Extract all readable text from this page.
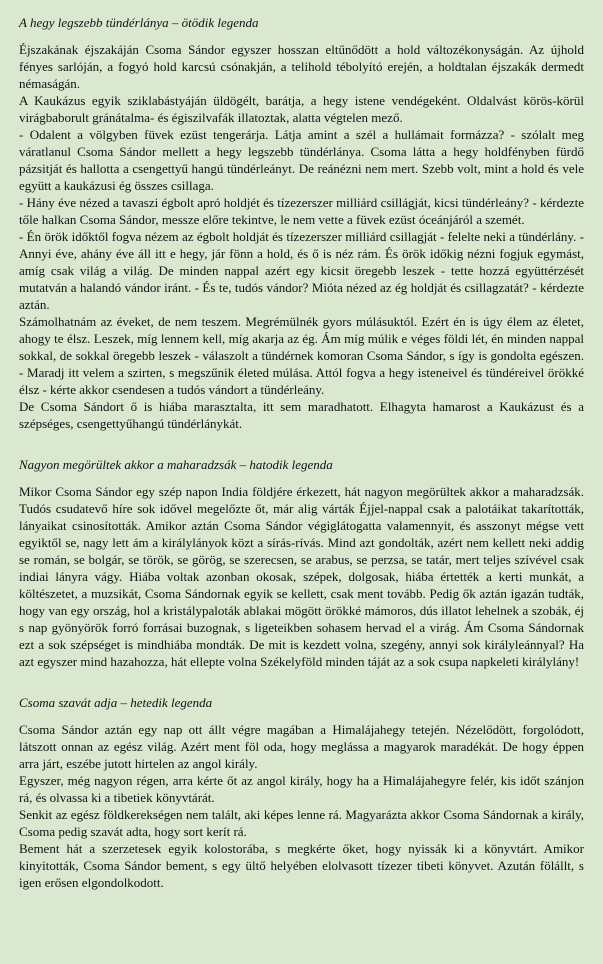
A hegy legszebb tündérlánya – ötödik legenda

Éjszakának éjszakáján Csoma Sándor egyszer hosszan eltűnődött a hold változékonyságán. Az újhold fényes sarlóján, a fogyó hold karcsú csónakján, a telihold tébolyító erején, a holdtalan éjszakák dermedt némaságán.

A Kaukázus egyik sziklabástyáján üldögélt, barátja, a hegy istene vendégeként. Oldalvást körös-körül virágbaborult gránátalma- és égiszilvafák illatoztak, alatta végtelen mező.

- Odalent a völgyben füvek ezüst tengerárja. Látja amint a szél a hullámait formázza? - szólalt meg váratlanul Csoma Sándor mellett a hegy legszebb tündérlánya. Csoma látta a hegy holdfényben fürdő pázsitját és hallotta a csengettyű hangú tündérleányt. De reánézni nem mert. Szebb volt, mint a hold és vele együtt a kaukázusi ég összes csillaga.

- Hány éve nézed a tavaszi égbolt apró holdjét és tízezerszer milliárd csillágját, kicsi tündérleány? - kérdezte tőle halkan Csoma Sándor, messze előre tekintve, le nem vette a füvek ezüst óceánjáról a szemét.

- Én örök időktől fogva nézem az égbolt holdját és tízezerszer milliárd csillagját - felelte neki a tündérlány. - Annyi éve, ahány éve áll itt e hegy, jár fönn a hold, és ő is néz rám. És örök időkig nézni fogjuk egymást, amíg csak világ a világ. De minden nappal azért egy kicsit öregebb leszek - tette hozzá együttérzését mutatván a halandó vándor iránt. - És te, tudós vándor? Mióta nézed az ég holdját és csillagzatát? - kérdezte aztán.

Számolhatnám az éveket, de nem teszem. Megrémülnék gyors múlásuktól. Ezért én is úgy élem az életet, ahogy te élsz. Leszek, míg lennem kell, míg akarja az ég. Ám míg múlik e véges földi lét, én minden nappal sokkal, de sokkal öregebb leszek - válaszolt a tündérnek komoran Csoma Sándor, s így is gondolta egészen. - Maradj itt velem a szirten, s megszűnik életed múlása. Attól fogva a hegy isteneivel és tündéreivel örökké élsz - kérte akkor csendesen a tudós vándort a tündérleány.

De Csoma Sándort ő is hiába marasztalta, itt sem maradhatott. Elhagyta hamarost a Kaukázust és a szépséges, csengettyűhangú tündérlánykát.

Nagyon megörültek akkor a maharadzsák – hatodik legenda

Mikor Csoma Sándor egy szép napon India földjére érkezett, hát nagyon megörültek akkor a maharadzsák. Tudós csudatevő híre sok idővel megelőzte őt, már alig várták Éjjel-nappal csak a palotáikat takarították, lányaikat csinosították. Amikor aztán Csoma Sándor végiglátogatta valamennyit, és asszonyt mégse vett egyiktől se, nagy lett ám a királylányok közt a sírás-rívás. Mind azt gondolták, azért nem kellett neki addig se román, se bolgár, se török, se görög, se szerecsen, se arabus, se perzsa, se tatár, mert teljes szívével csak indiai lányra vágy. Hiába voltak azonban okosak, szépek, dolgosak, hiába értették a kerti munkát, a költészetet, a muzsikát, Csoma Sándornak egyik se kellett, csak ment tovább. Pedig ők aztán igazán tudták, hogy van egy ország, hol a kristálypaloták ablakai mögött örökké mámoros, dús illatot lehelnek a szobák, éj s nap gyönyörök forró forrásai buzognak, s ligeteikben sohasem hervad el a virág. Ám Csoma Sándornak ezt a sok szépséget is mindhiába mondták. De mit is kezdett volna, szegény, annyi sok királyleánnyal? Ha azt egyszer mind hazahozza, hát ellepte volna Székelyföld minden táját az a sok csupa napkeleti királylány!

Csoma szavát adja – hetedik legenda

Csoma Sándor aztán egy nap ott állt végre magában a Himalájahegy tetején. Nézelődött, forgolódott, látszott onnan az egész világ. Azért ment föl oda, hogy meglássa a magyarok maradékát. De hogy éppen arra járt, eszébe jutott hirtelen az angol király.

Egyszer, még nagyon régen, arra kérte őt az angol király, hogy ha a Himalájahegyre felér, kis időt szánjon rá, és olvassa ki a tibetiek könyvtárát.

Senkit az egész földkerekségen nem talált, aki képes lenne rá. Magyarázta akkor Csoma Sándornak a király, Csoma pedig szavát adta, hogy sort kerít rá.

Bement hát a szerzetesek egyik kolostorába, s megkérte őket, hogy nyissák ki a könyvtárt. Amikor kinyitották, Csoma Sándor bement, s egy ültő helyében elolvasott tízezer tibeti könyvet. Azután fölállt, s igen erősen elgondolkodott.
